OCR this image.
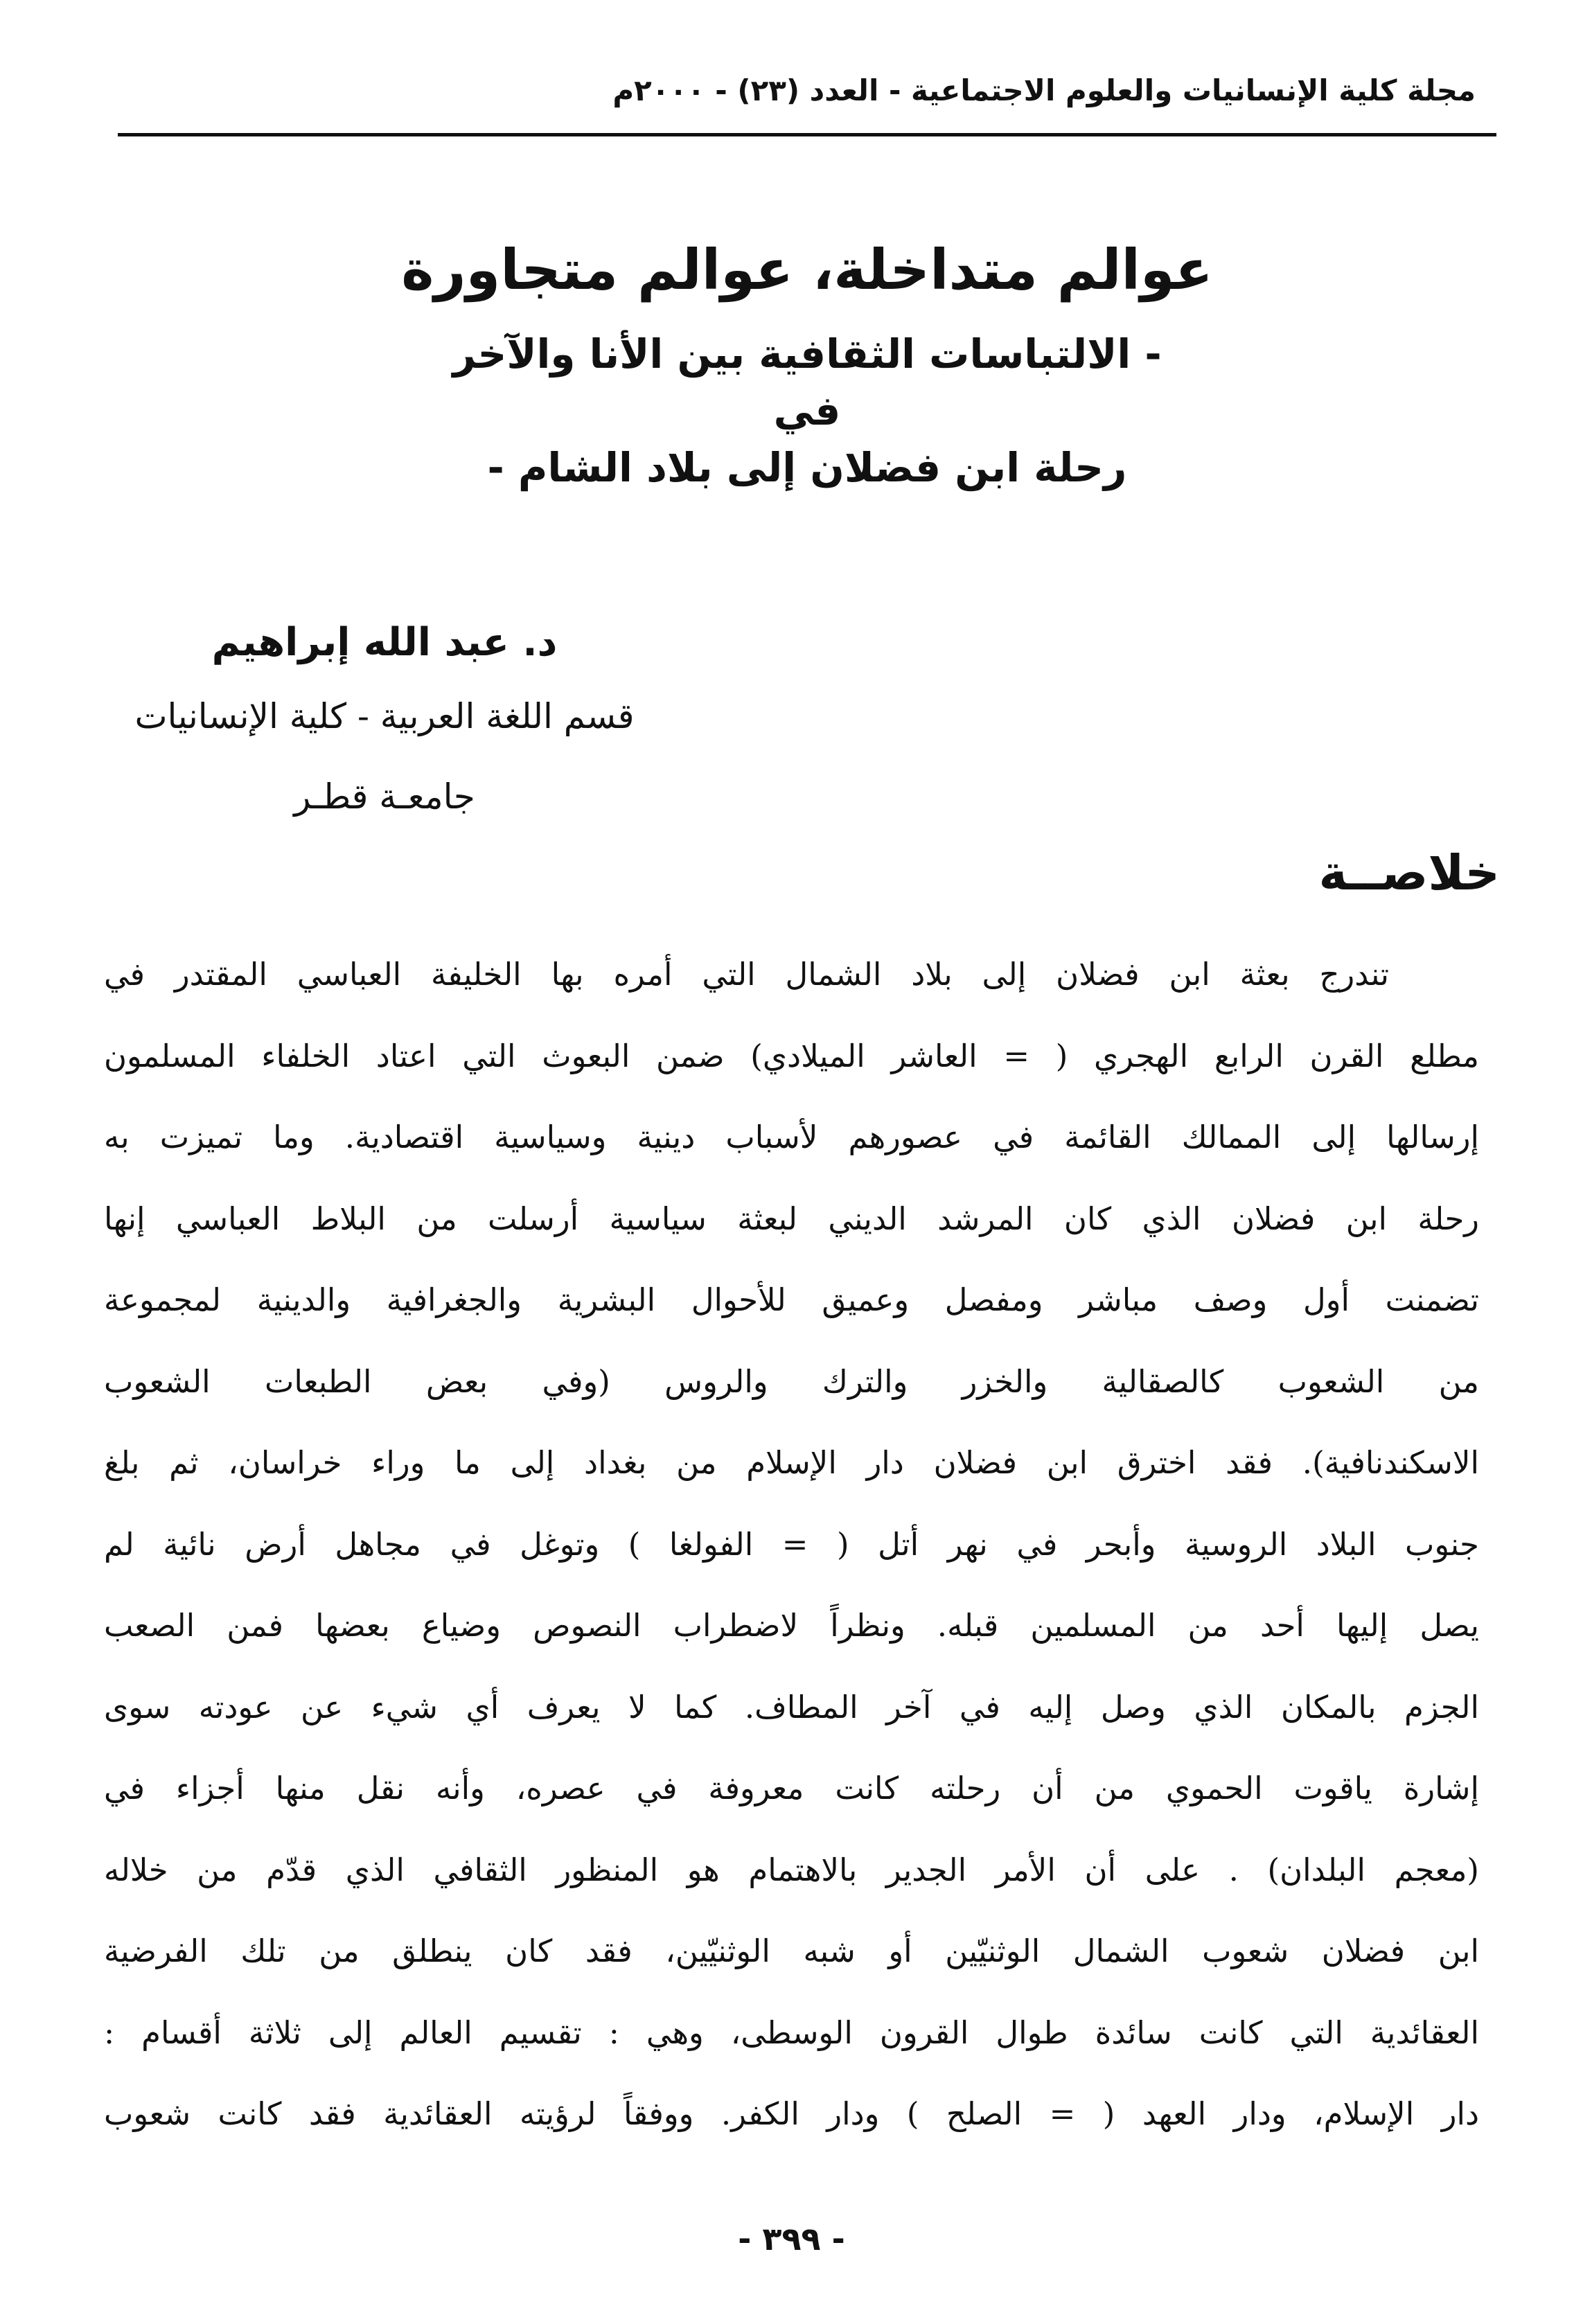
مجلة كلية الإنسانيات والعلوم الاجتماعية - العدد (٢٣) - ٢٠٠٠م

عوالم متداخلة، عوالم متجاورة

- الالتباسات الثقافية بين الأنا والآخر

في

رحلة ابن فضلان إلى بلاد الشام -

د. عبد الله إبراهيم

قسم اللغة العربية - كلية الإنسانيات

جامعـة قطـر

خلاصــة
تندرج بعثة ابن فضلان إلى بلاد الشمال التي أمره بها الخليفة العباسي المقتدر في
مطلع القرن الرابع الهجري ( = العاشر الميلادي) ضمن البعوث التي اعتاد الخلفاء المسلمون
إرسالها إلى الممالك القائمة في عصورهم لأسباب دينية وسياسية اقتصادية. وما تميزت به
رحلة ابن فضلان الذي كان المرشد الديني لبعثة سياسية أرسلت من البلاط العباسي إنها
تضمنت أول وصف مباشر ومفصل وعميق للأحوال البشرية والجغرافية والدينية لمجموعة
من الشعوب كالصقالية والخزر والترك والروس (وفي بعض الطبعات الشعوب
الاسكندنافية). فقد اخترق ابن فضلان دار الإسلام من بغداد إلى ما وراء خراسان، ثم بلغ
جنوب البلاد الروسية وأبحر في نهر أتل ( = الفولغا ) وتوغل في مجاهل أرض نائية لم
يصل إليها أحد من المسلمين قبله. ونظراً لاضطراب النصوص وضياع بعضها فمن الصعب
الجزم بالمكان الذي وصل إليه في آخر المطاف. كما لا يعرف أي شيء عن عودته سوى
إشارة ياقوت الحموي من أن رحلته كانت معروفة في عصره، وأنه نقل منها أجزاء في
(معجم البلدان) . على أن الأمر الجدير بالاهتمام هو المنظور الثقافي الذي قدّم من خلاله
ابن فضلان شعوب الشمال الوثنيّين أو شبه الوثنيّين، فقد كان ينطلق من تلك الفرضية
العقائدية التي كانت سائدة طوال القرون الوسطى، وهي : تقسيم العالم إلى ثلاثة أقسام :
دار الإسلام، ودار العهد ( = الصلح ) ودار الكفر. ووفقاً لرؤيته العقائدية فقد كانت شعوب
- ٣٩٩ -
